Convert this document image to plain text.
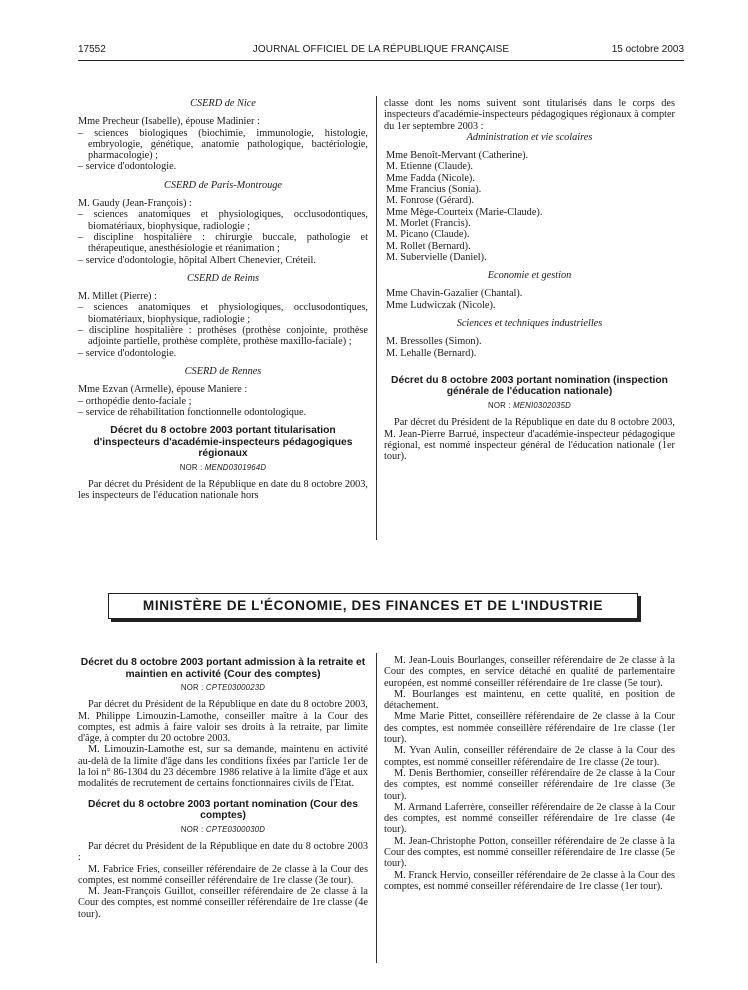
17552	JOURNAL OFFICIEL DE LA RÉPUBLIQUE FRANÇAISE	15 octobre 2003
CSERD de Nice

Mme Precheur (Isabelle), épouse Madinier :

– sciences biologiques (biochimie, immunologie, histologie, embryologie, génétique, anatomie pathologique, bactériologie, pharmacologie) ;
– service d'odontologie.
CSERD de Paris-Montrouge

M. Gaudy (Jean-François) :

– sciences anatomiques et physiologiques, occlusodontiques, biomatériaux, biophysique, radiologie ;
– discipline hospitalière : chirurgie buccale, pathologie et thérapeutique, anesthésiologie et réanimation ;
– service d'odontologie, hôpital Albert Chenevier, Créteil.
CSERD de Reims

M. Millet (Pierre) :

– sciences anatomiques et physiologiques, occlusodontiques, biomatériaux, biophysique, radiologie ;
– discipline hospitalière : prothèses (prothèse conjointe, prothèse adjointe partielle, prothèse complète, prothèse maxillo-faciale) ;
– service d'odontologie.
CSERD de Rennes

Mme Ezvan (Armelle), épouse Maniere :

– orthopédie dento-faciale ;
– service de réhabilitation fonctionnelle odontologique.
Décret du 8 octobre 2003 portant titularisation d'inspecteurs d'académie-inspecteurs pédagogiques régionaux
NOR : MEND0301964D

Par décret du Président de la République en date du 8 octobre 2003, les inspecteurs de l'éducation nationale hors

classe dont les noms suivent sont titularisés dans le corps des inspecteurs d'académie-inspecteurs pédagogiques régionaux à compter du 1er septembre 2003 :

Administration et vie scolaires
Mme Benoît-Mervant (Catherine).
M. Etienne (Claude).
Mme Fadda (Nicole).
Mme Francius (Sonia).
M. Fonrose (Gérard).
Mme Mège-Courteix (Marie-Claude).
M. Morlet (Francis).
M. Picano (Claude).
M. Rollet (Bernard).
M. Subervielle (Daniel).
Economie et gestion
Mme Chavin-Gazalier (Chantal).
Mme Ludwiczak (Nicole).
Sciences et techniques industrielles
M. Bressolles (Simon).
M. Lehalle (Bernard).
Décret du 8 octobre 2003 portant nomination (inspection générale de l'éducation nationale)
NOR : MENI0302035D

Par décret du Président de la République en date du 8 octobre 2003, M. Jean-Pierre Barrué, inspecteur d'académie-inspecteur pédagogique régional, est nommé inspecteur général de l'éducation nationale (1er tour).

MINISTÈRE DE L'ÉCONOMIE, DES FINANCES ET DE L'INDUSTRIE
Décret du 8 octobre 2003 portant admission à la retraite et maintien en activité (Cour des comptes)
NOR : CPTE0300023D

Par décret du Président de la République en date du 8 octobre 2003, M. Philippe Limouzin-Lamothe, conseiller maître à la Cour des comptes, est admis à faire valoir ses droits à la retraite, par limite d'âge, à compter du 20 octobre 2003.

M. Limouzin-Lamothe est, sur sa demande, maintenu en activité au-delà de la limite d'âge dans les conditions fixées par l'article 1er de la loi n° 86-1304 du 23 décembre 1986 relative à la limite d'âge et aux modalités de recrutement de certains fonctionnaires civils de l'Etat.

Décret du 8 octobre 2003 portant nomination (Cour des comptes)
NOR : CPTE0300030D

Par décret du Président de la République en date du 8 octobre 2003 :

M. Fabrice Fries, conseiller référendaire de 2e classe à la Cour des comptes, est nommé conseiller référendaire de 1re classe (3e tour).

M. Jean-François Guillot, conseiller référendaire de 2e classe à la Cour des comptes, est nommé conseiller référendaire de 1re classe (4e tour).

M. Jean-Louis Bourlanges, conseiller référendaire de 2e classe à la Cour des comptes, en service détaché en qualité de parlementaire européen, est nommé conseiller référendaire de 1re classe (5e tour).

M. Bourlanges est maintenu, en cette qualité, en position de détachement.

Mme Marie Pittet, conseillère référendaire de 2e classe à la Cour des comptes, est nommée conseillère référendaire de 1re classe (1er tour).

M. Yvan Aulin, conseiller référendaire de 2e classe à la Cour des comptes, est nommé conseiller référendaire de 1re classe (2e tour).

M. Denis Berthomier, conseiller référendaire de 2e classe à la Cour des comptes, est nommé conseiller référendaire de 1re classe (3e tour).

M. Armand Laferrère, conseiller référendaire de 2e classe à la Cour des comptes, est nommé conseiller référendaire de 1re classe (4e tour).

M. Jean-Christophe Potton, conseiller référendaire de 2e classe à la Cour des comptes, est nommé conseiller référendaire de 1re classe (5e tour).

M. Franck Hervio, conseiller référendaire de 2e classe à la Cour des comptes, est nommé conseiller référendaire de 1re classe (1er tour).
